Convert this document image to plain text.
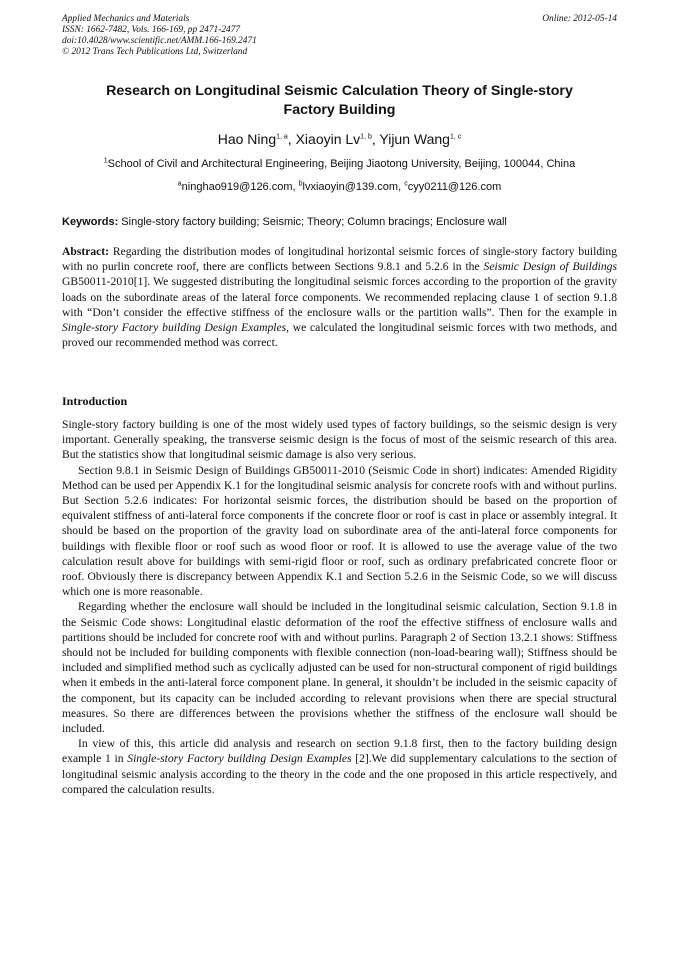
Applied Mechanics and Materials
ISSN: 1662-7482, Vols. 166-169, pp 2471-2477
doi:10.4028/www.scientific.net/AMM.166-169.2471
© 2012 Trans Tech Publications Ltd, Switzerland
Online: 2012-05-14
Research on Longitudinal Seismic Calculation Theory of Single-story
Factory Building
Hao Ning$^{1, a}$, Xiaoyin Lv$^{1, b}$, Yijun Wang$^{1, c}$
$^1$School of Civil and Architectural Engineering, Beijing Jiaotong University, Beijing, 100044, China
$^a$ninghao919@126.com, $^b$lvxiaoyin@139.com, $^c$cyy0211@126.com
Keywords: Single-story factory building; Seismic; Theory; Column bracings; Enclosure wall
Abstract: Regarding the distribution modes of longitudinal horizontal seismic forces of single-story factory building with no purlin concrete roof, there are conflicts between Sections 9.8.1 and 5.2.6 in the Seismic Design of Buildings GB50011-2010[1]. We suggested distributing the longitudinal seismic forces according to the proportion of the gravity loads on the subordinate areas of the lateral force components. We recommended replacing clause 1 of section 9.1.8 with “Don’t consider the effective stiffness of the enclosure walls or the partition walls”. Then for the example in Single-story Factory building Design Examples, we calculated the longitudinal seismic forces with two methods, and proved our recommended method was correct.
Introduction

Single-story factory building is one of the most widely used types of factory buildings, so the seismic design is very important. Generally speaking, the transverse seismic design is the focus of most of the seismic research of this area. But the statistics show that longitudinal seismic damage is also very serious.

Section 9.8.1 in Seismic Design of Buildings GB50011-2010 (Seismic Code in short) indicates: Amended Rigidity Method can be used per Appendix K.1 for the longitudinal seismic analysis for concrete roofs with and without purlins. But Section 5.2.6 indicates: For horizontal seismic forces, the distribution should be based on the proportion of equivalent stiffness of anti-lateral force components if the concrete floor or roof is cast in place or assembly integral. It should be based on the proportion of the gravity load on subordinate area of the anti-lateral force components for buildings with flexible floor or roof such as wood floor or roof. It is allowed to use the average value of the two calculation result above for buildings with semi-rigid floor or roof, such as ordinary prefabricated concrete floor or roof. Obviously there is discrepancy between Appendix K.1 and Section 5.2.6 in the Seismic Code, so we will discuss which one is more reasonable.

Regarding whether the enclosure wall should be included in the longitudinal seismic calculation, Section 9.1.8 in the Seismic Code shows: Longitudinal elastic deformation of the roof the effective stiffness of enclosure walls and partitions should be included for concrete roof with and without purlins. Paragraph 2 of Section 13.2.1 shows: Stiffness should not be included for building components with flexible connection (non-load-bearing wall); Stiffness should be included and simplified method such as cyclically adjusted can be used for non-structural component of rigid buildings when it embeds in the anti-lateral force component plane. In general, it shouldn’t be included in the seismic capacity of the component, but its capacity can be included according to relevant provisions when there are special structural measures. So there are differences between the provisions whether the stiffness of the enclosure wall should be included.

In view of this, this article did analysis and research on section 9.1.8 first, then to the factory building design example 1 in Single-story Factory building Design Examples [2].We did supplementary calculations to the section of longitudinal seismic analysis according to the theory in the code and the one proposed in this article respectively, and compared the calculation results.
